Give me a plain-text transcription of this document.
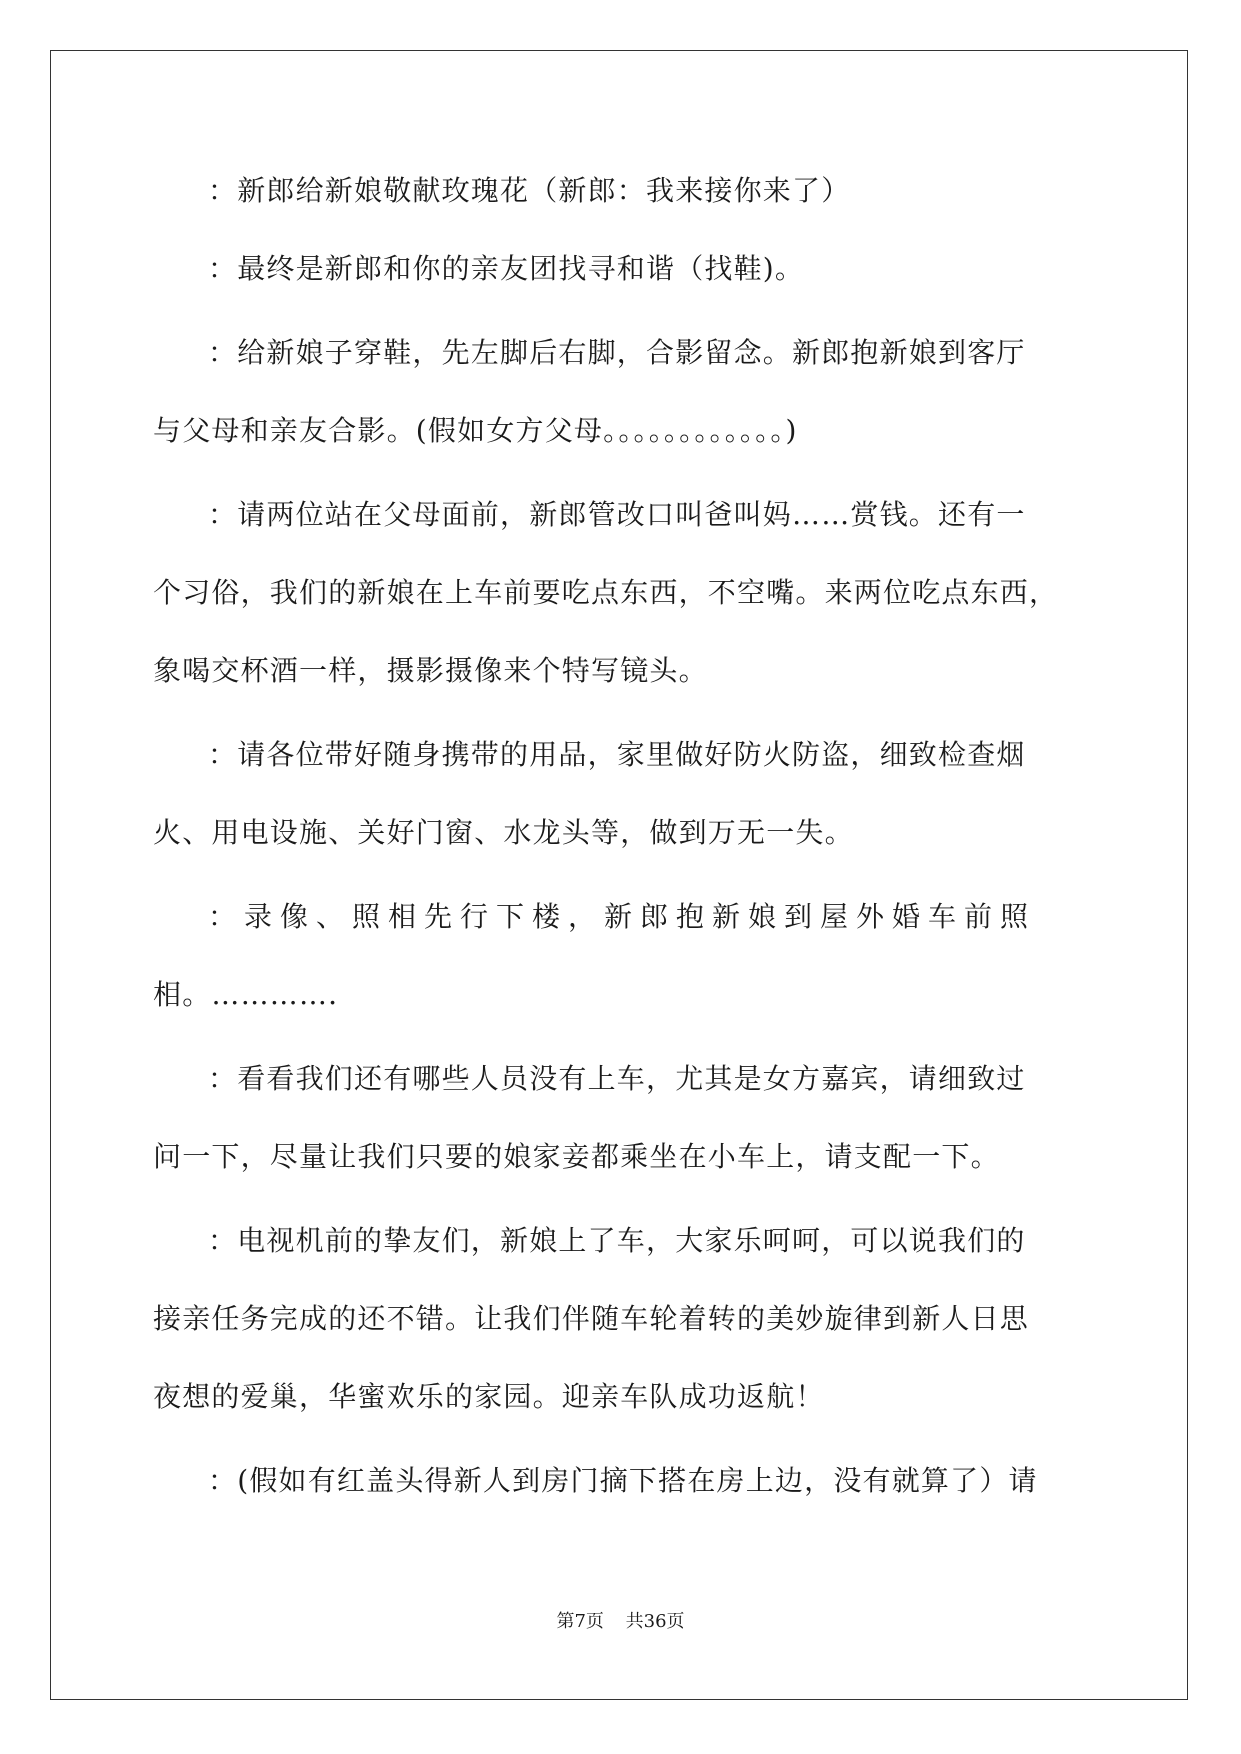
：新郎给新娘敬献玫瑰花（新郎：我来接你来了）
：最终是新郎和你的亲友团找寻和谐（找鞋)。
：给新娘子穿鞋，先左脚后右脚，合影留念。新郎抱新娘到客厅
与父母和亲友合影。(假如女方父母。。。。。。。。。。。。)
：请两位站在父母面前，新郎管改口叫爸叫妈……赏钱。还有一
个习俗，我们的新娘在上车前要吃点东西，不空嘴。来两位吃点东西，
象喝交杯酒一样，摄影摄像来个特写镜头。
：请各位带好随身携带的用品，家里做好防火防盗，细致检查烟
火、用电设施、关好门窗、水龙头等，做到万无一失。
：录像、照相先行下楼，新郎抱新娘到屋外婚车前照
相。…………．
：看看我们还有哪些人员没有上车，尤其是女方嘉宾，请细致过
问一下，尽量让我们只要的娘家妾都乘坐在小车上，请支配一下。
：电视机前的挚友们，新娘上了车，大家乐呵呵，可以说我们的
接亲任务完成的还不错。让我们伴随车轮着转的美妙旋律到新人日思
夜想的爱巢，华蜜欢乐的家园。迎亲车队成功返航！
：(假如有红盖头得新人到房门摘下搭在房上边，没有就算了）请
第7页 共36页
